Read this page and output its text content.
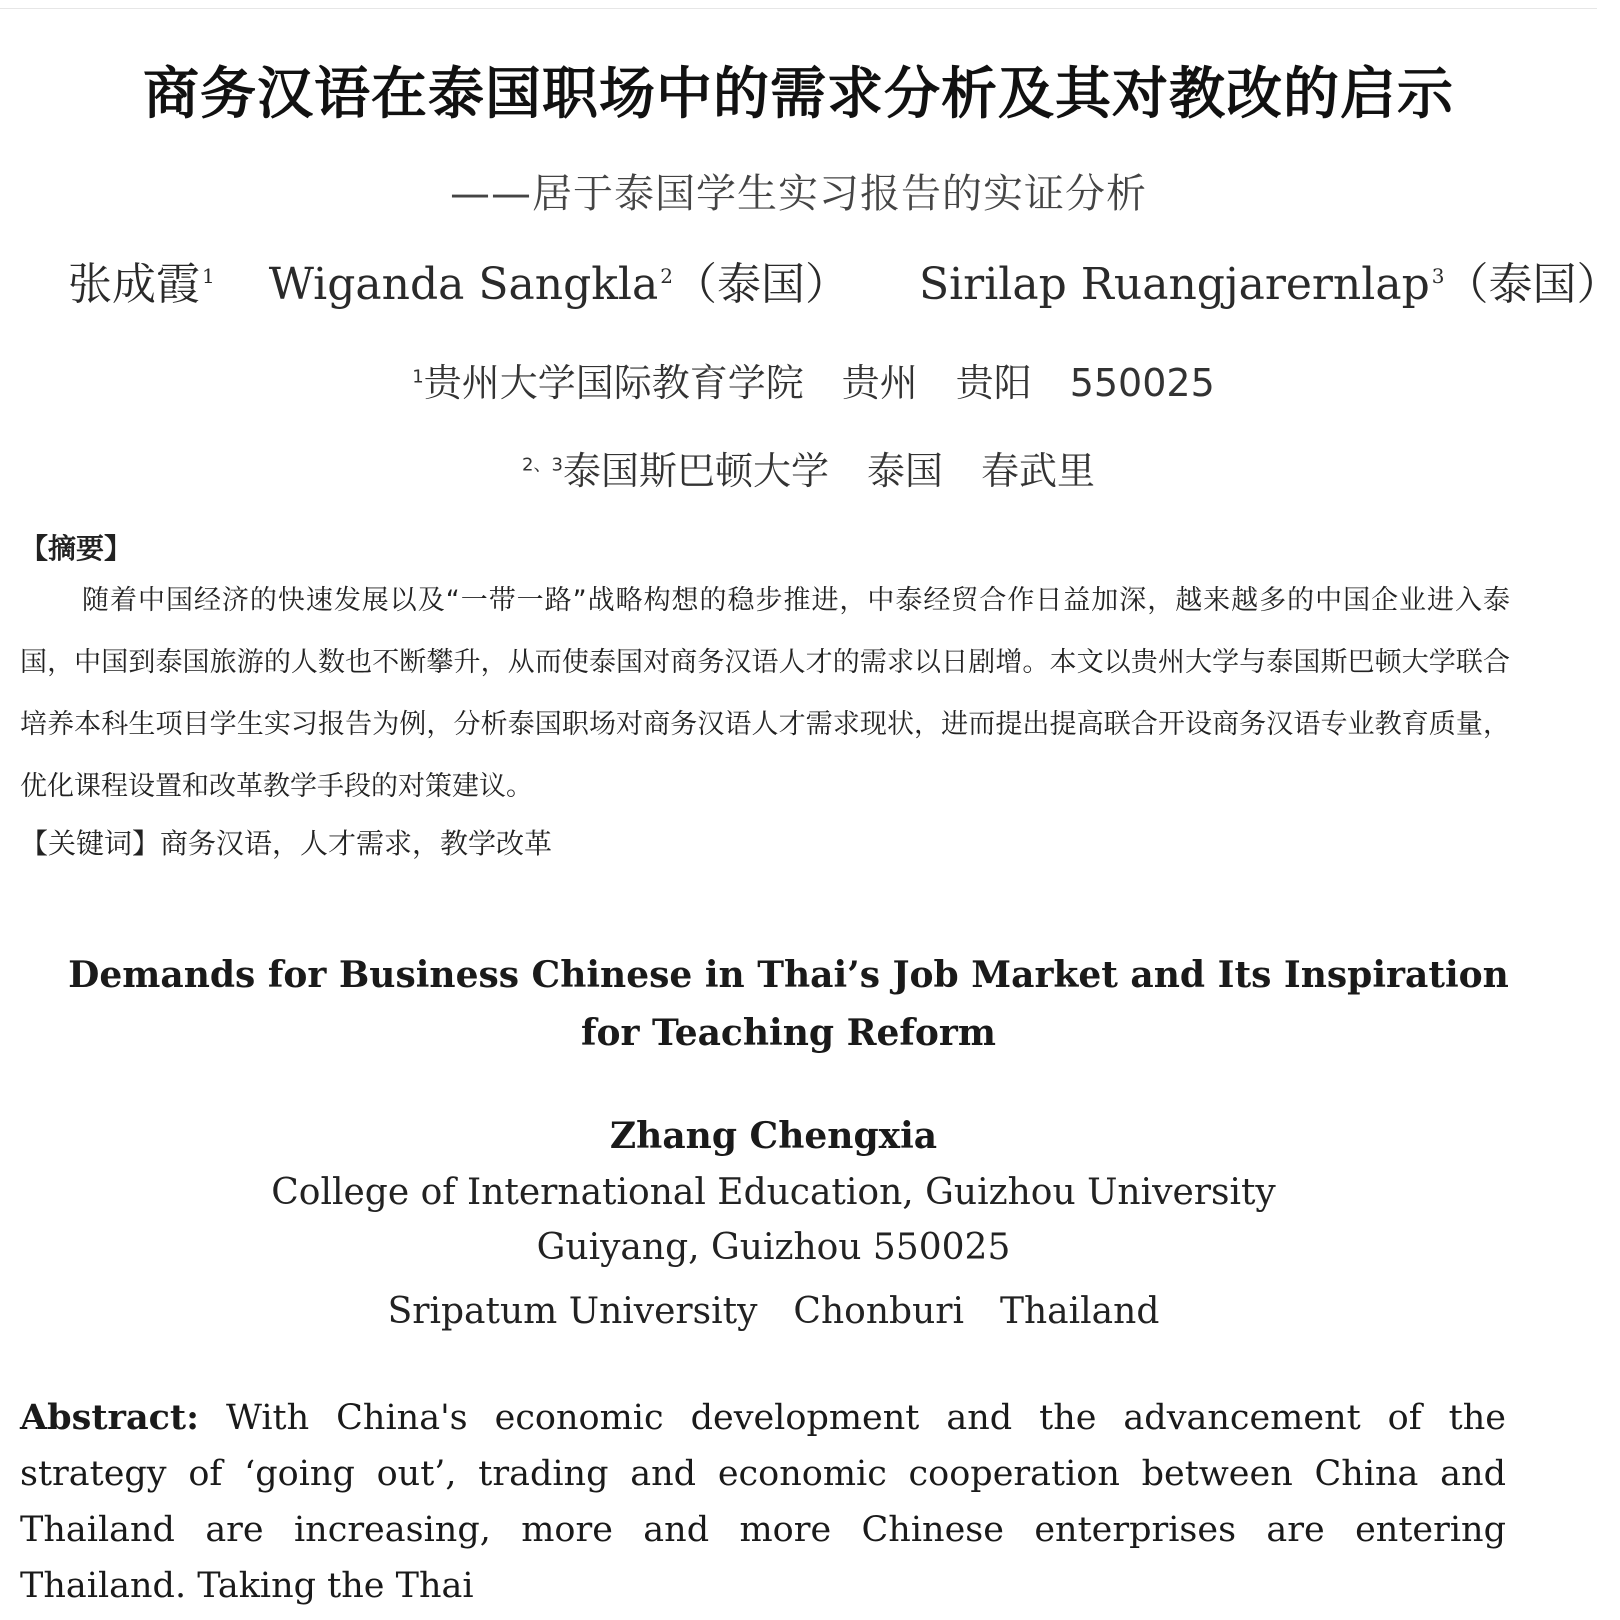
商务汉语在泰国职场中的需求分析及其对教改的启示
——居于泰国学生实习报告的实证分析
张成霞 $^1$ Wiganda Sangkla $^2$（泰国） Sirilap Ruangjarernlap $^3$（泰国）
$^1$贵州大学国际教育学院　贵州　贵阳　550025
$^{2、3}$泰国斯巴顿大学　泰国　春武里
【摘要】
随着中国经济的快速发展以及“一带一路”战略构想的稳步推进，中泰经贸合作日益加深，越来越多的中国企业进入泰国，中国到泰国旅游的人数也不断攀升，从而使泰国对商务汉语人才的需求以日剧增。本文以贵州大学与泰国斯巴顿大学联合培养本科生项目学生实习报告为例，分析泰国职场对商务汉语人才需求现状，进而提出提高联合开设商务汉语专业教育质量，优化课程设置和改革教学手段的对策建议。
【关键词】商务汉语，人才需求，教学改革
Demands for Business Chinese in Thai’s Job Market and Its Inspiration for Teaching Reform
Zhang Chengxia
College of International Education, Guizhou University
Guiyang, Guizhou 550025
Sripatum University　Chonburi　Thailand
Abstract: With China's economic development and the advancement of the strategy of ‘going out’, trading and economic cooperation between China and Thailand are increasing, more and more Chinese enterprises are entering Thailand. Taking the Thai
